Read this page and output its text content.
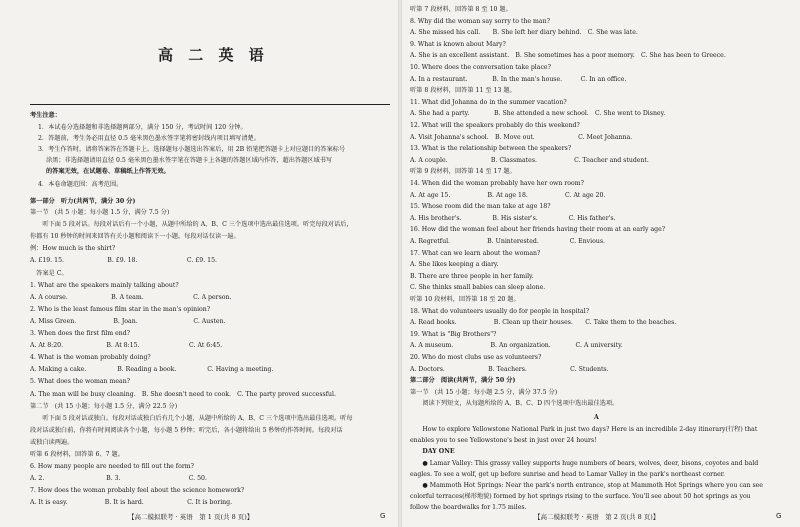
高 二 英 语
考生注意：
1．本试卷分选择题和非选择题两部分，满分 150 分，考试时间 120 分钟。
2．答题前，考生务必用直径 0.5 毫米黑色墨水签字笔将密封线内项目填写清楚。
3．考生作答时，请将答案答在答题卡上。选择题每小题选出答案后，用 2B 铅笔把答题卡上对应题目的答案标号
涂黑；非选择题请用直径 0.5 毫米黑色墨水签字笔在答题卡上各题的答题区域内作答，超出答题区域书写
的答案无效，在试题卷、草稿纸上作答无效。
4．本卷命题范围：高考范围。
第一部分　听力(共两节，满分 30 分)
第一节　(共 5 小题；每小题 1.5 分，满分 7.5 分)
　　听下面 5 段对话。每段对话后有一个小题，从题中所给的 A、B、C 三个选项中选出最佳选项。听完每段对话后，
你都有 10 秒钟的时间来回答有关小题和阅读下一小题。每段对话仅读一遍。
例：How much is the shirt?
A. £19. 15.　　　　　　　B. £9. 18.　　　　　　　　C. £9. 15.
　答案是 C。
1. What are the speakers mainly talking about?
A. A course.　　　　　　　B. A team.　　　　　　　　C. A person.
2. Who is the least famous film star in the man's opinion?
A. Miss Green.　　　　　　B. Joan.　　　　　　　　　C. Austen.
3. When does the first film end?
A. At 8:20.　　　　　　　B. At 8:15.　　　　　　　　C. At 6:45.
4. What is the woman probably doing?
A. Making a cake.　　　　　B. Reading a book.　　　　　C. Having a meeting.
5. What does the woman mean?
A. The man will be busy cleaning.　B. She doesn't need to cook.　C. The party proved successful.
第二节　(共 15 小题；每小题 1.5 分，满分 22.5 分)
　　听下面 5 段对话或独白。每段对话或独白后有几个小题，从题中所给的 A、B、C 三个选项中选出最佳选项。听每
段对话或独白前，你将有时间阅读各个小题，每小题 5 秒钟；听完后，各小题将给出 5 秒钟的作答时间。每段对话
或独白读两遍。
听第 6 段材料，回答第 6、7 题。
6. How many people are needed to fill out the form?
A. 2.　　　　　　　　　　B. 3.　　　　　　　　　　　C. 50.
7. How does the woman probably feel about the science homework?
A. It is easy.　　　　　　B. It is hard.　　　　　　　C. It is boring.
【高二模拟联考 · 英语　第 1 页(共 8 页)】	G
听第 7 段材料，回答第 8 至 10 题。
8. Why did the woman say sorry to the man?
A. She missed his call.　　B. She left her diary behind.　C. She was late.
9. What is known about Mary?
A. She is an excellent assistant.　B. She sometimes has a poor memory.　C. She has been to Greece.
10. Where does the conversation take place?
A. In a restaurant.　　　　B. In the man's house.　　　C. In an office.
听第 8 段材料，回答第 11 至 13 题。
11. What did Johanna do in the summer vacation?
A. She had a party.　　　　B. She attended a new school.　C. She went to Disney.
12. What will the speakers probably do this weekend?
A. Visit Johanna's school.　B. Move out.　　　　　　　C. Meet Johanna.
13. What is the relationship between the speakers?
A. A couple.　　　　　　　B. Classmates.　　　　　　C. Teacher and student.
听第 9 段材料，回答第 14 至 17 题。
14. When did the woman probably have her own room?
A. At age 15.　　　　　　B. At age 18.　　　　　　C. At age 20.
15. Whose room did the man take at age 18?
A. His brother's.　　　　　B. His sister's.　　　　　C. His father's.
16. How did the woman feel about her friends having their room at an early age?
A. Regretful.　　　　　　B. Uninterested.　　　　　C. Envious.
17. What can we learn about the woman?
A. She likes keeping a diary.
B. There are three people in her family.
C. She thinks small babies can sleep alone.
听第 10 段材料，回答第 18 至 20 题。
18. What do volunteers usually do for people in hospital?
A. Read books.　　　　　　B. Clean up their houses.　　C. Take them to the beaches.
19. What is "Big Brothers"?
A. A museum.　　　　　　B. An organization.　　　　C. A university.
20. Who do most clubs use as volunteers?
A. Doctors.　　　　　　　B. Teachers.　　　　　　　C. Students.
第二部分　阅读(共两节，满分 50 分)
第一节　(共 15 小题；每小题 2.5 分，满分 37.5 分)
　　阅读下列短文，从每题所给的 A、B、C、D 四个选项中选出最佳选项。
A
　　How to explore Yellowstone National Park in just two days? Here is an incredible 2-day itinerary(行程) that
enables you to see Yellowstone's best in just over 24 hours!
　　DAY ONE
　　● Lamar Valley: This grassy valley supports huge numbers of bears, wolves, deer, bisons, coyotes and bald
eagles. To see a wolf, get up before sunrise and head to Lamar Valley in the park's northeast corner.
　　● Mammoth Hot Springs: Near the park's north entrance, stop at Mammoth Hot Springs where you can see
colorful terraces(梯形地貌) formed by hot springs rising to the surface. You'll see about 50 hot springs as you
follow the boardwalks for 1.75 miles.
【高二模拟联考 · 英语　第 2 页(共 8 页)】	G
